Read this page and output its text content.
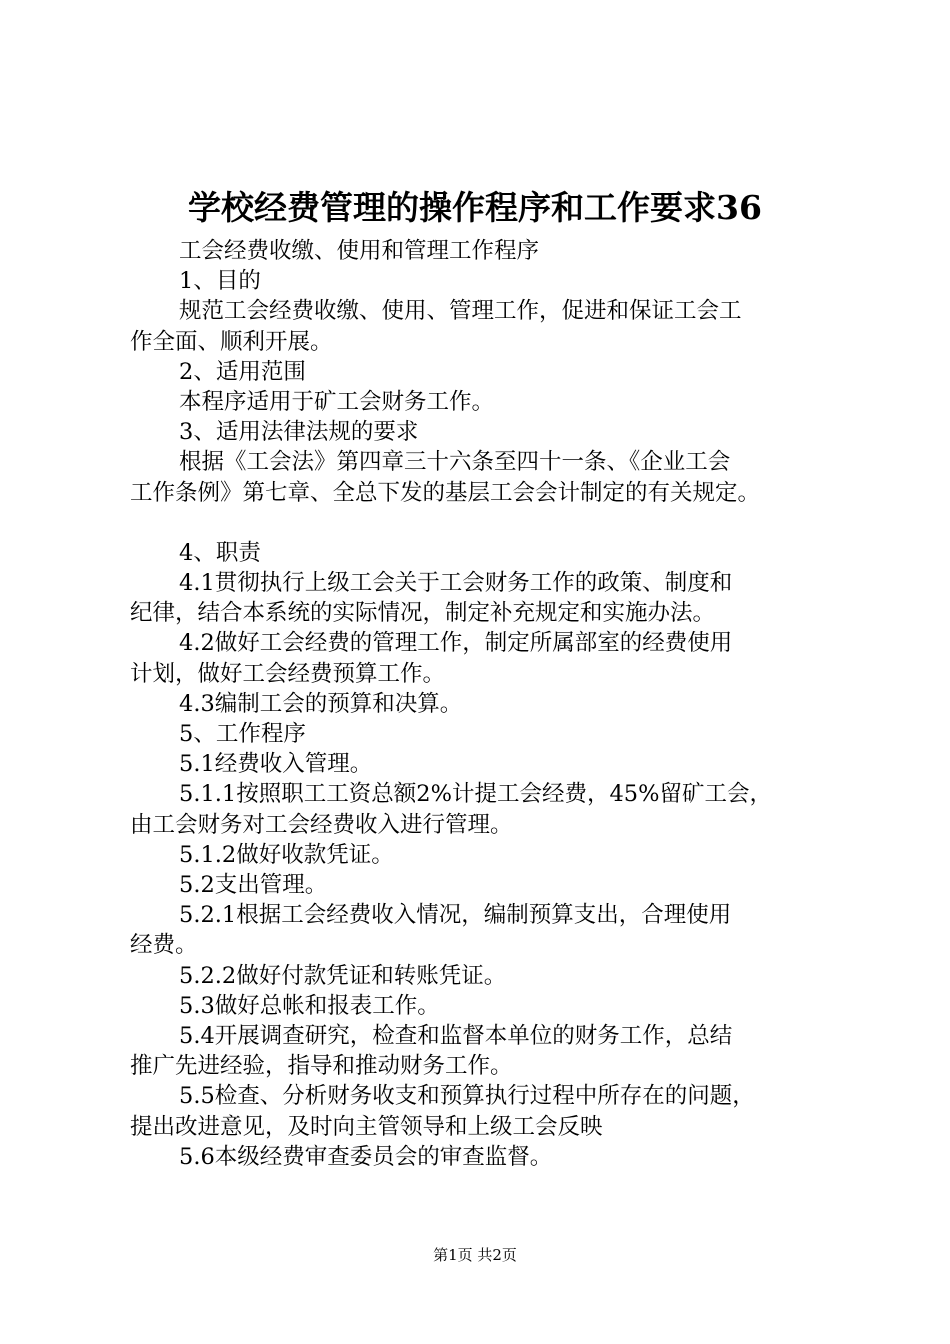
学校经费管理的操作程序和工作要求36

工会经费收缴、使用和管理工作程序

1、目的

规范工会经费收缴、使用、管理工作，促进和保证工会工

作全面、顺利开展。

2、适用范围

本程序适用于矿工会财务工作。

3、适用法律法规的要求

根据《工会法》第四章三十六条至四十一条、《企业工会

工作条例》第七章、全总下发的基层工会会计制定的有关规定。

4、职责

4.1贯彻执行上级工会关于工会财务工作的政策、制度和

纪律，结合本系统的实际情况，制定补充规定和实施办法。

4.2做好工会经费的管理工作，制定所属部室的经费使用

计划，做好工会经费预算工作。

4.3编制工会的预算和决算。

5、工作程序

5.1经费收入管理。

5.1.1按照职工工资总额2%计提工会经费，45%留矿工会，

由工会财务对工会经费收入进行管理。

5.1.2做好收款凭证。

5.2支出管理。

5.2.1根据工会经费收入情况，编制预算支出，合理使用

经费。

5.2.2做好付款凭证和转账凭证。

5.3做好总帐和报表工作。

5.4开展调查研究，检查和监督本单位的财务工作，总结

推广先进经验，指导和推动财务工作。

5.5检查、分析财务收支和预算执行过程中所存在的问题，

提出改进意见，及时向主管领导和上级工会反映

5.6本级经费审查委员会的审查监督。

第1页 共2页
